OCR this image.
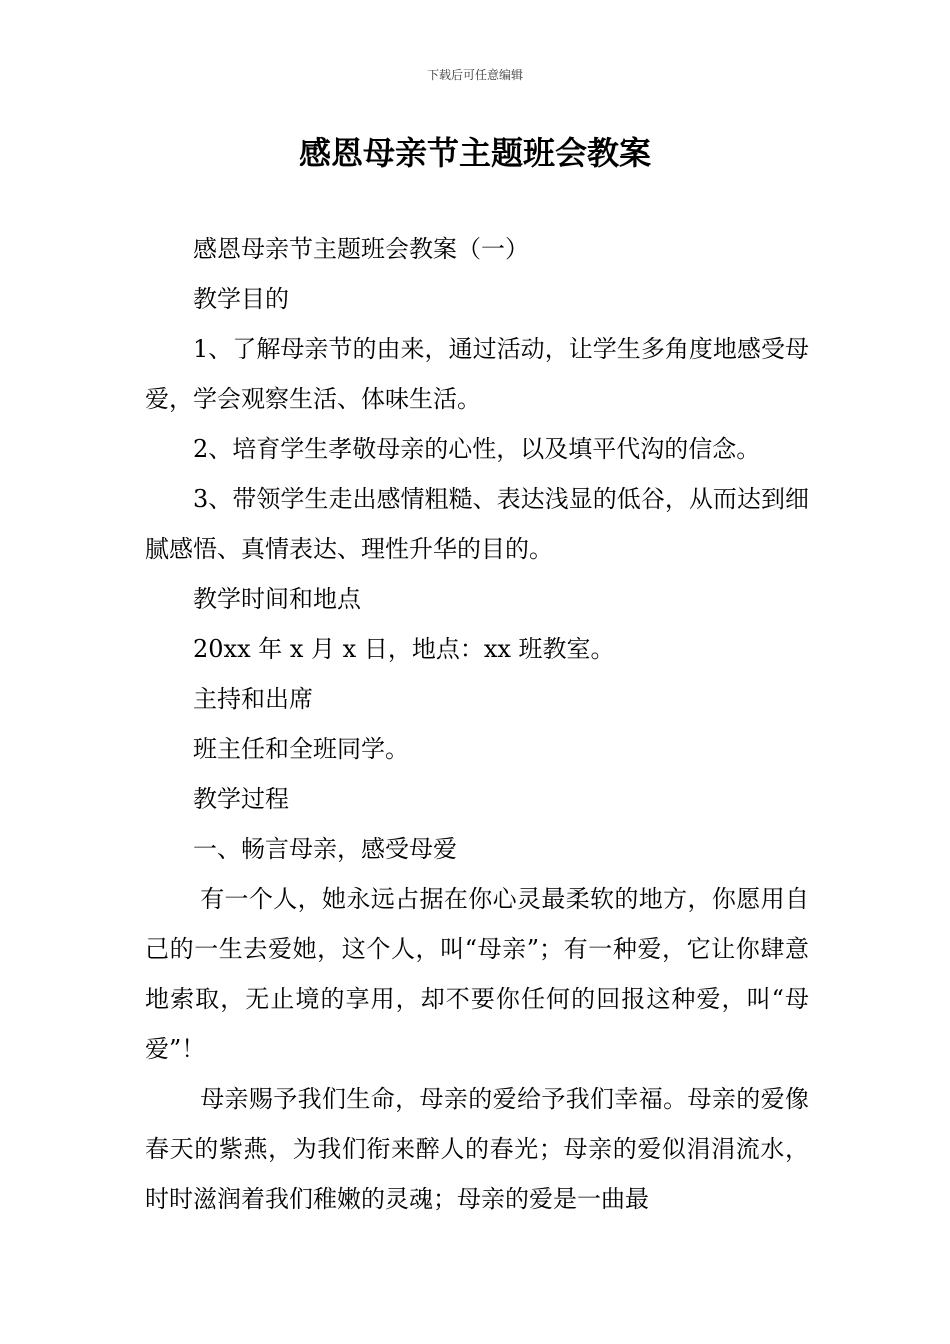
下载后可任意编辑
感恩母亲节主题班会教案

感恩母亲节主题班会教案（一）

教学目的

1、了解母亲节的由来，通过活动，让学生多角度地感受母爱，学会观察生活、体味生活。

2、培育学生孝敬母亲的心性，以及填平代沟的信念。

3、带领学生走出感情粗糙、表达浅显的低谷，从而达到细腻感悟、真情表达、理性升华的目的。

教学时间和地点

20xx 年 x 月 x 日，地点：xx 班教室。

主持和出席

班主任和全班同学。

教学过程

一、畅言母亲，感受母爱

有一个人，她永远占据在你心灵最柔软的地方，你愿用自己的一生去爱她，这个人，叫“母亲”；有一种爱，它让你肆意地索取，无止境的享用，却不要你任何的回报这种爱，叫“母爱”！

母亲赐予我们生命，母亲的爱给予我们幸福。母亲的爱像春天的紫燕，为我们衔来醉人的春光；母亲的爱似涓涓流水，时时滋润着我们稚嫩的灵魂；母亲的爱是一曲最
